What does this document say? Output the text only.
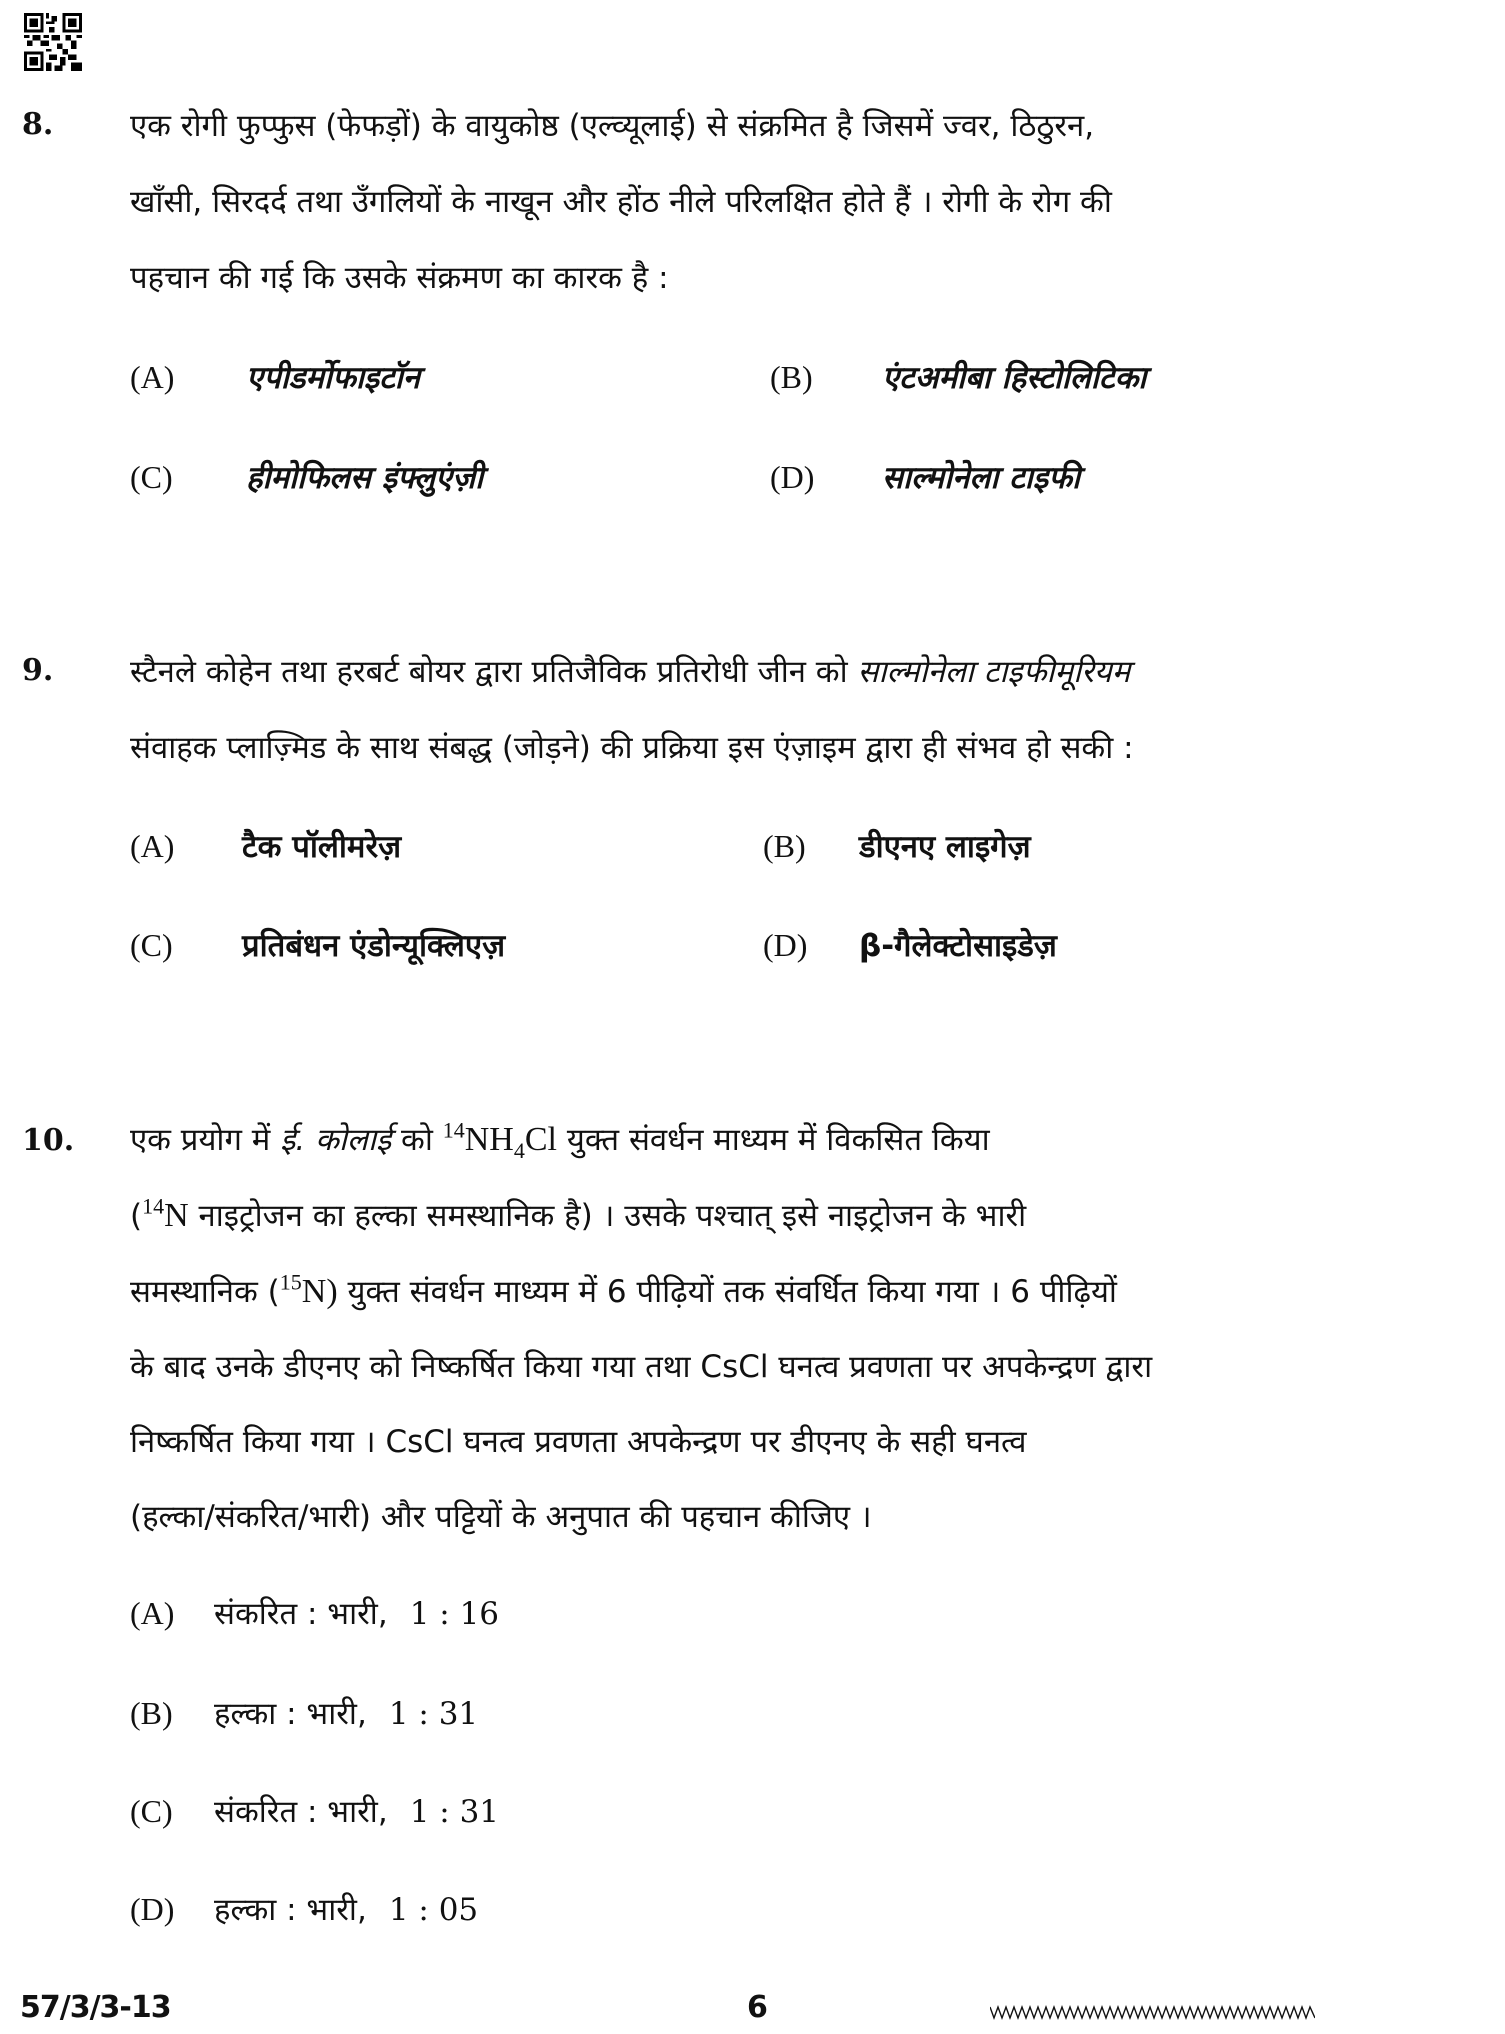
8. एक रोगी फुप्फुस (फेफड़ों) के वायुकोष्ठ (एल्व्यूलाई) से संक्रमित है जिसमें ज्वर, ठिठुरन,
खाँसी, सिरदर्द तथा उँगलियों के नाखून और होंठ नीले परिलक्षित होते हैं । रोगी के रोग की
पहचान की गई कि उसके संक्रमण का कारक है :
(A) एपीडर्मोफाइटॉन	(B) एंटअमीबा हिस्टोलिटिका
(C) हीमोफिलस इंफ्लुएंज़ी	(D) साल्मोनेला टाइफी
9. स्टैनले कोहेन तथा हरबर्ट बोयर द्वारा प्रतिजैविक प्रतिरोधी जीन को साल्मोनेला टाइफीमूरियम
संवाहक प्लाज़्मिड के साथ संबद्ध (जोड़ने) की प्रक्रिया इस एंज़ाइम द्वारा ही संभव हो सकी :
(A) टैक पॉलीमरेज़	(B) डीएनए लाइगेज़
(C) प्रतिबंधन एंडोन्यूक्लिएज़	(D) β-गैलेक्टोसाइडेज़
10. एक प्रयोग में ई. कोलाई को $^{14}NH_4Cl$ युक्त संवर्धन माध्यम में विकसित किया
($^{14}$N नाइट्रोजन का हल्का समस्थानिक है) । उसके पश्चात् इसे नाइट्रोजन के भारी
समस्थानिक ($^{15}$N) युक्त संवर्धन माध्यम में 6 पीढ़ियों तक संवर्धित किया गया । 6 पीढ़ियों
के बाद उनके डीएनए को निष्कर्षित किया गया तथा CsCl घनत्व प्रवणता पर अपकेन्द्रण द्वारा
निष्कर्षित किया गया । CsCl घनत्व प्रवणता अपकेन्द्रण पर डीएनए के सही घनत्व
(हल्का/संकरित/भारी) और पट्टियों के अनुपात की पहचान कीजिए ।
(A) संकरित : भारी, 1 : 16
(B) हल्का : भारी, 1 : 31
(C) संकरित : भारी, 1 : 31
(D) हल्का : भारी, 1 : 05
57/3/3-13	6
